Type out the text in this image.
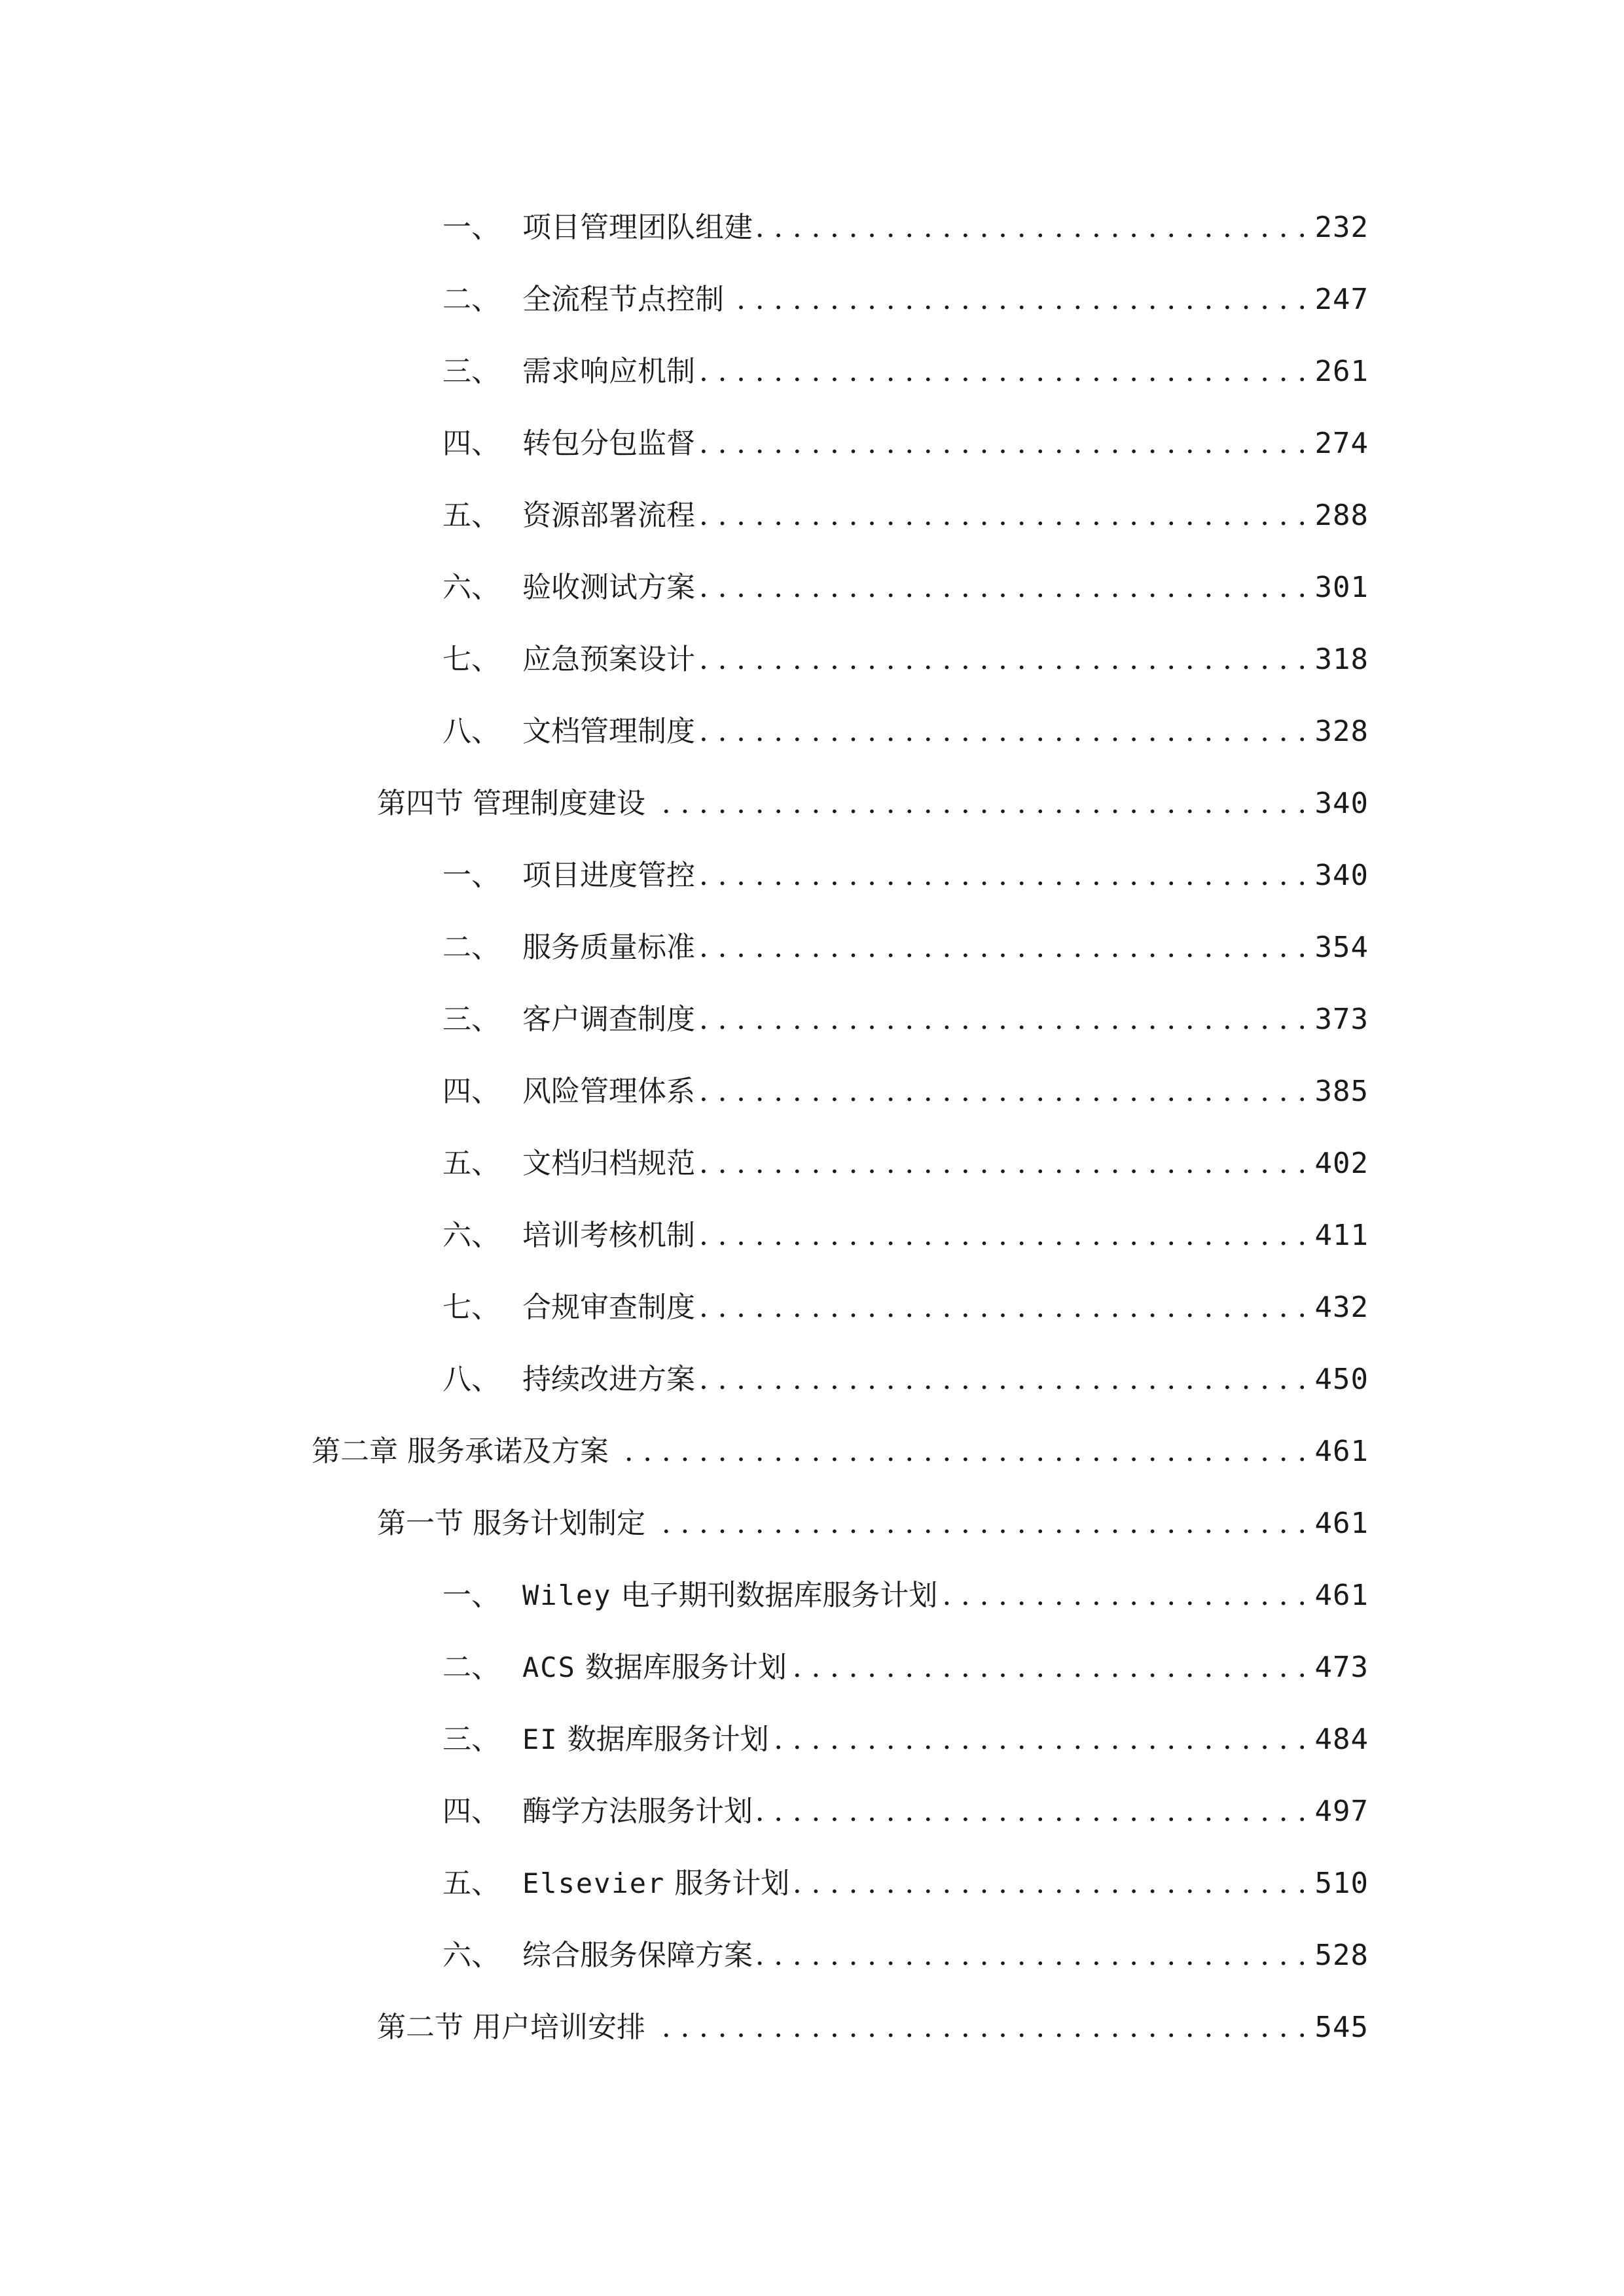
一、 项目管理团队组建 . . .	232
二、 全流程节点控制 . . .	247
三、 需求响应机制 . . .	261
四、 转包分包监督 . . .	274
五、 资源部署流程 . . .	288
六、 验收测试方案 . . .	301
七、 应急预案设计 . . .	318
八、 文档管理制度 . . .	328
第四节 管理制度建设 . . .	340
一、 项目进度管控 . . .	340
二、 服务质量标准 . . .	354
三、 客户调查制度 . . .	373
四、 风险管理体系 . . .	385
五、 文档归档规范 . . .	402
六、 培训考核机制 . . .	411
七、 合规审查制度 . . .	432
八、 持续改进方案 . . .	450
第二章 服务承诺及方案 . . .	461
第一节 服务计划制定 . . .	461
一、 Wiley 电子期刊数据库服务计划 . . .	461
二、 ACS 数据库服务计划 . . .	473
三、 EI 数据库服务计划 . . .	484
四、 酶学方法服务计划 . . .	497
五、 Elsevier 服务计划 . . .	510
六、 综合服务保障方案 . . .	528
第二节 用户培训安排 . . .	545
